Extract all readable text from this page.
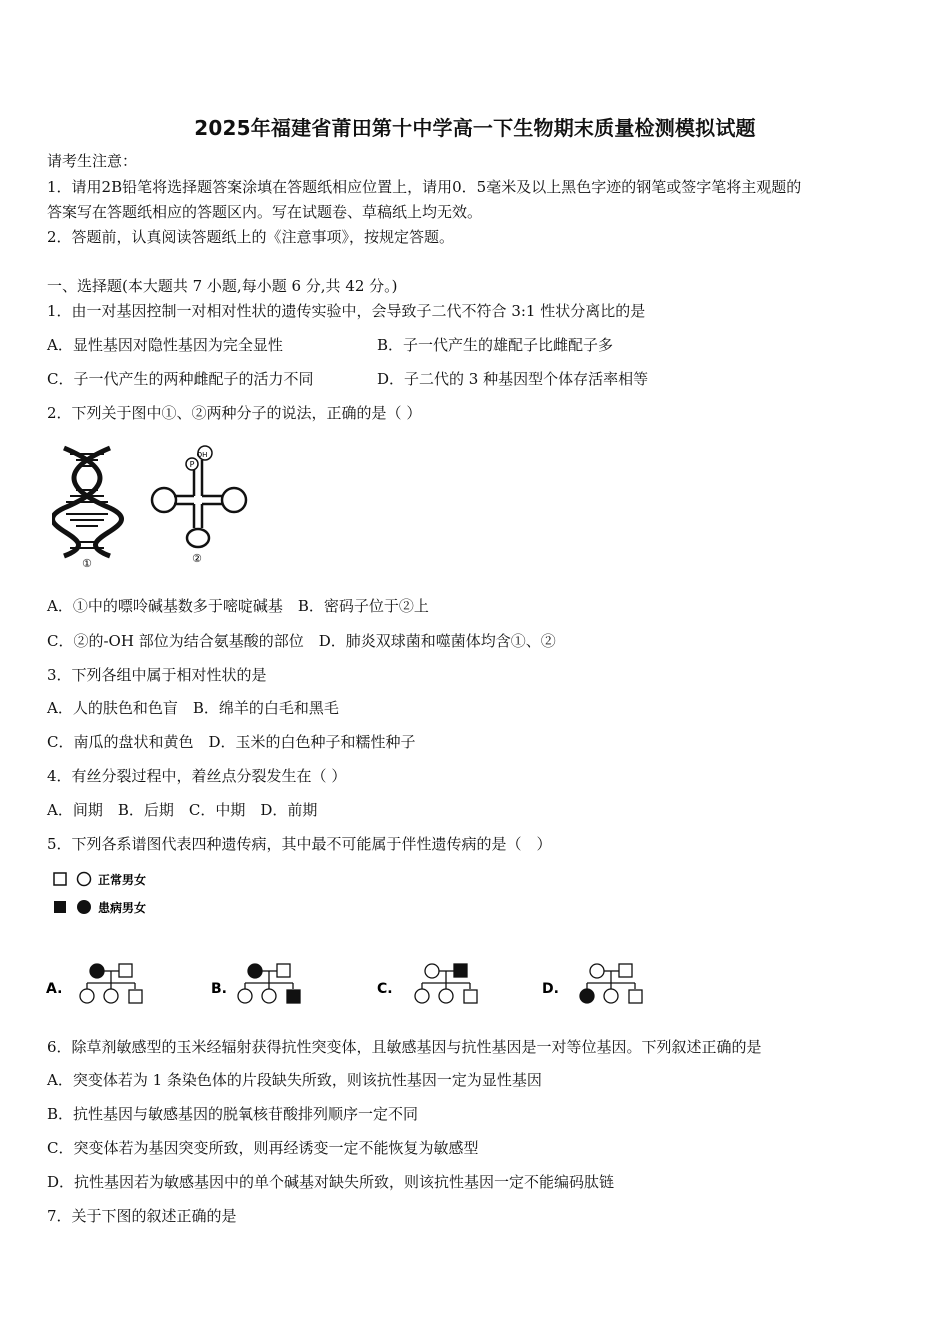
2025年福建省莆田第十中学高一下生物期末质量检测模拟试题
请考生注意：
1．请用2B铅笔将选择题答案涂填在答题纸相应位置上，请用0．5毫米及以上黑色字迹的钢笔或签字笔将主观题的
答案写在答题纸相应的答题区内。写在试题卷、草稿纸上均无效。
2．答题前，认真阅读答题纸上的《注意事项》，按规定答题。
一、选择题(本大题共 7 小题,每小题 6 分,共 42 分。)
1．由一对基因控制一对相对性状的遗传实验中，会导致子二代不符合 3:1 性状分离比的是
A．显性基因对隐性基因为完全显性	B．子一代产生的雄配子比雌配子多
C．子一代产生的两种雌配子的活力不同	D．子二代的 3 种基因型个体存活率相等
2．下列关于图中①、②两种分子的说法，正确的是（ ）
①
OH
P
②
A．①中的嘌呤碱基数多于嘧啶碱基　B．密码子位于②上
C．②的-OH 部位为结合氨基酸的部位　D．肺炎双球菌和噬菌体均含①、②
3．下列各组中属于相对性状的是
A．人的肤色和色盲　B．绵羊的白毛和黑毛
C．南瓜的盘状和黄色　D．玉米的白色种子和糯性种子
4．有丝分裂过程中，着丝点分裂发生在（ ）
A．间期　B．后期　C．中期　D．前期
5．下列各系谱图代表四种遗传病，其中最不可能属于伴性遗传病的是（　）
正常男女
患病男女
A.	B.	C.	D.
6．除草剂敏感型的玉米经辐射获得抗性突变体，且敏感基因与抗性基因是一对等位基因。下列叙述正确的是
A．突变体若为 1 条染色体的片段缺失所致，则该抗性基因一定为显性基因
B．抗性基因与敏感基因的脱氧核苷酸排列顺序一定不同
C．突变体若为基因突变所致，则再经诱变一定不能恢复为敏感型
D．抗性基因若为敏感基因中的单个碱基对缺失所致，则该抗性基因一定不能编码肽链
7．关于下图的叙述正确的是
